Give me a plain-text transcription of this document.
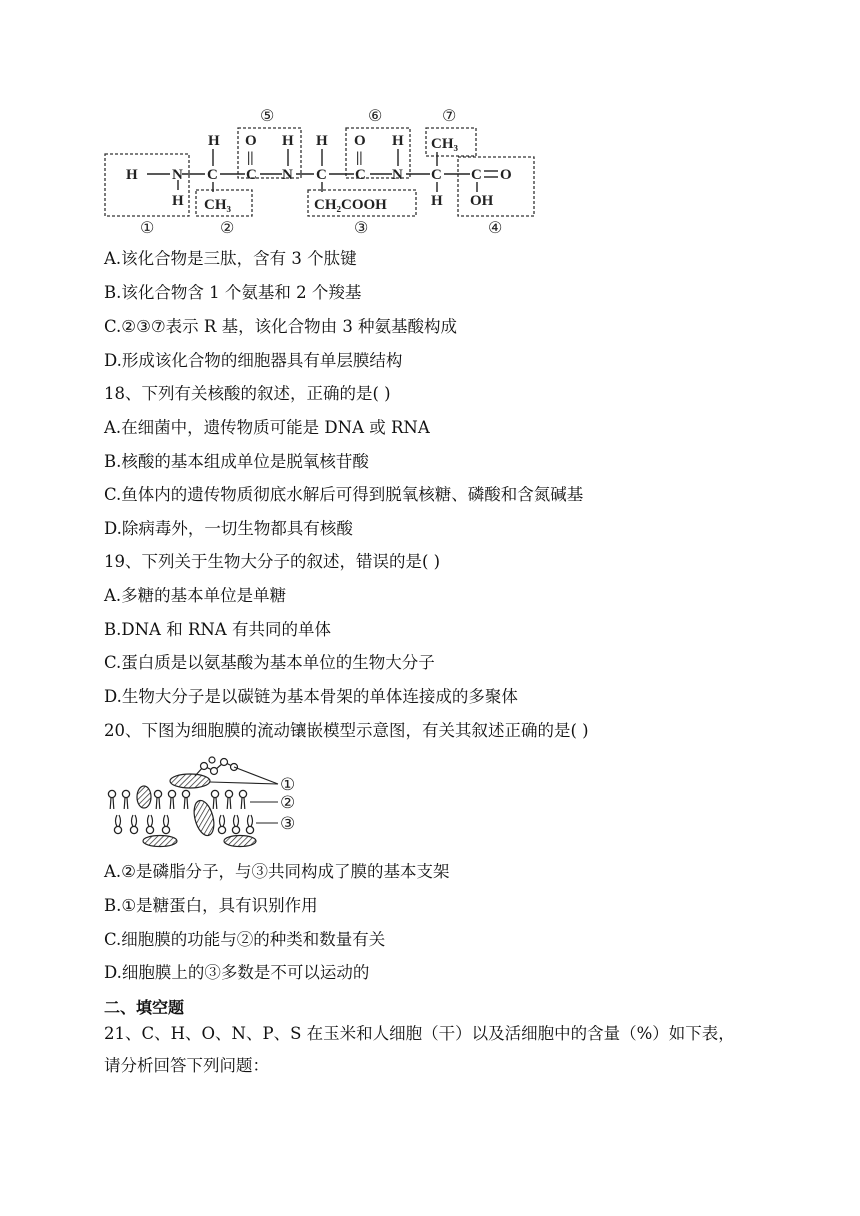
H N
H
H
C
CH₃
O
||
C
H
N
H
C
CH₂COOH
O
||
C
H
N
CH₃
C
H
C O
OH
①	②	③	④
⑤	⑥	⑦
A.该化合物是三肽，含有 3 个肽键
B.该化合物含 1 个氨基和 2 个羧基
C.②③⑦表示 R 基，该化合物由 3 种氨基酸构成
D.形成该化合物的细胞器具有单层膜结构
18、下列有关核酸的叙述，正确的是( )
A.在细菌中，遗传物质可能是 DNA 或 RNA
B.核酸的基本组成单位是脱氧核苷酸
C.鱼体内的遗传物质彻底水解后可得到脱氧核糖、磷酸和含氮碱基
D.除病毒外，一切生物都具有核酸
19、下列关于生物大分子的叙述，错误的是( )
A.多糖的基本单位是单糖
B.DNA 和 RNA 有共同的单体
C.蛋白质是以氨基酸为基本单位的生物大分子
D.生物大分子是以碳链为基本骨架的单体连接成的多聚体
20、下图为细胞膜的流动镶嵌模型示意图，有关其叙述正确的是( )
①
②
③
A.②是磷脂分子，与③共同构成了膜的基本支架
B.①是糖蛋白，具有识别作用
C.细胞膜的功能与②的种类和数量有关
D.细胞膜上的③多数是不可以运动的
二、填空题
21、C、H、O、N、P、S 在玉米和人细胞（干）以及活细胞中的含量（%）如下表，
请分析回答下列问题：
